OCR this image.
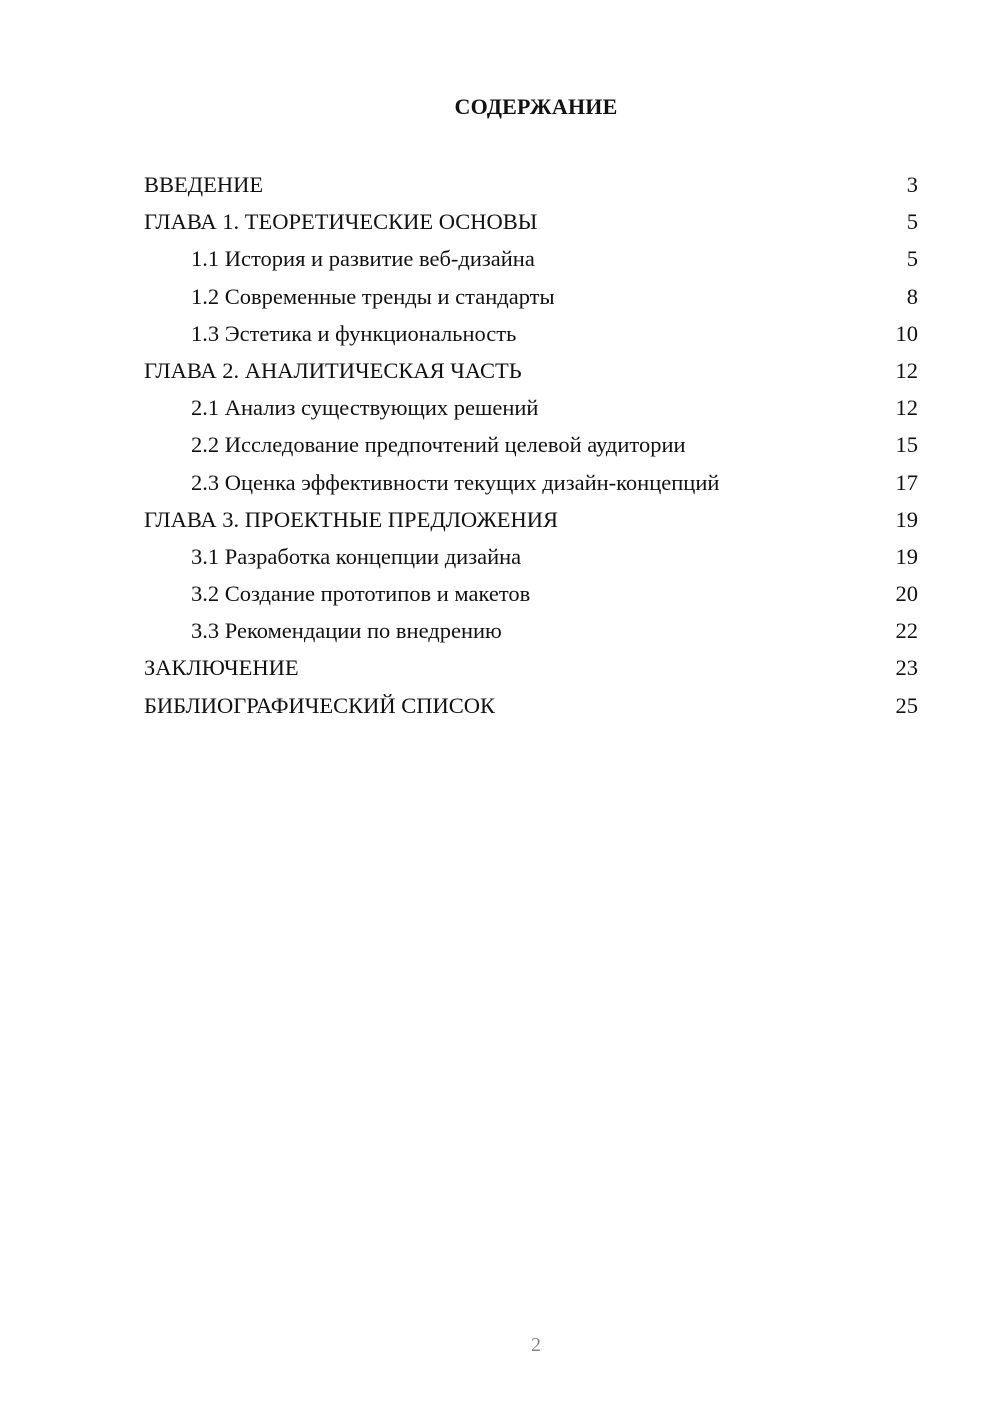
СОДЕРЖАНИЕ
ВВЕДЕНИЕ	3
ГЛАВА 1. ТЕОРЕТИЧЕСКИЕ ОСНОВЫ	5
1.1 История и развитие веб-дизайна	5
1.2 Современные тренды и стандарты	8
1.3 Эстетика и функциональность	10
ГЛАВА 2. АНАЛИТИЧЕСКАЯ ЧАСТЬ	12
2.1 Анализ существующих решений	12
2.2 Исследование предпочтений целевой аудитории	15
2.3 Оценка эффективности текущих дизайн-концепций	17
ГЛАВА 3. ПРОЕКТНЫЕ ПРЕДЛОЖЕНИЯ	19
3.1 Разработка концепции дизайна	19
3.2 Создание прототипов и макетов	20
3.3 Рекомендации по внедрению	22
ЗАКЛЮЧЕНИЕ	23
БИБЛИОГРАФИЧЕСКИЙ СПИСОК	25
2
